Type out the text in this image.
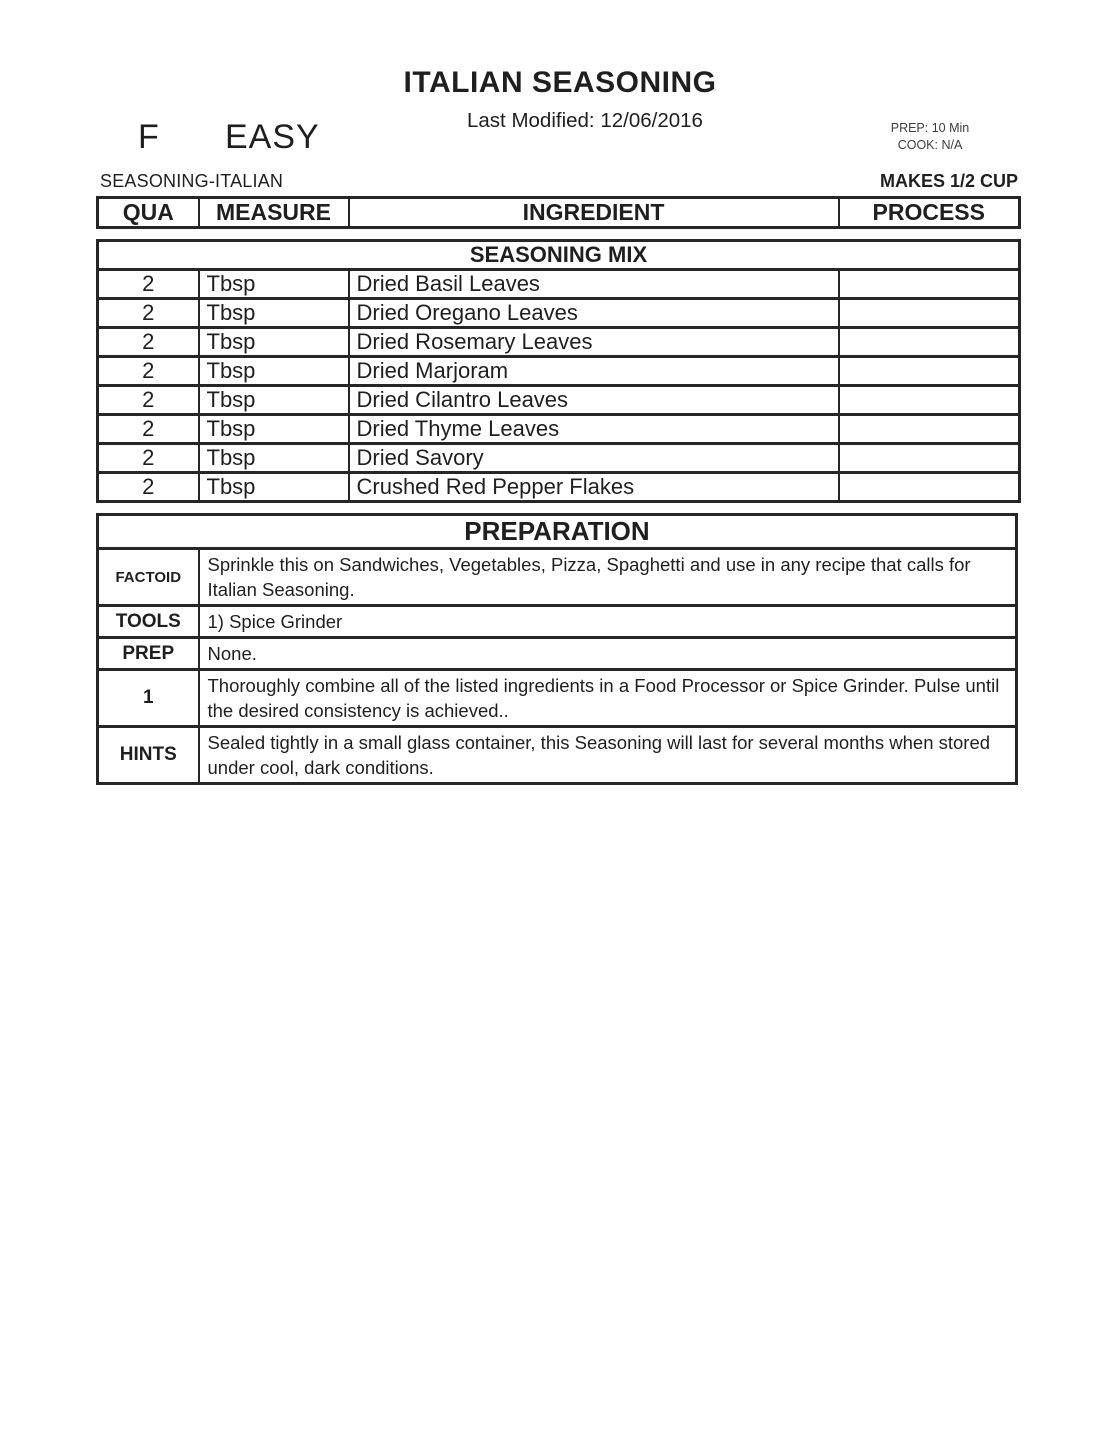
ITALIAN SEASONING
Last Modified: 12/06/2016
F EASY	PREP: 10 Min
COOK: N/A
SEASONING-ITALIAN	MAKES 1/2 CUP
QUA	MEASURE	INGREDIENT	PROCESS
SEASONING MIX			
2	Tbsp	Dried Basil Leaves	
2	Tbsp	Dried Oregano Leaves	
2	Tbsp	Dried Rosemary Leaves	
2	Tbsp	Dried Marjoram	
2	Tbsp	Dried Cilantro Leaves	
2	Tbsp	Dried Thyme Leaves	
2	Tbsp	Dried Savory	
2	Tbsp	Crushed Red Pepper Flakes	
PREPARATION	
FACTOID	Sprinkle this on Sandwiches, Vegetables, Pizza, Spaghetti and use in any recipe that calls for Italian Seasoning.
TOOLS	1) Spice Grinder
PREP	None.
1	Thoroughly combine all of the listed ingredients in a Food Processor or Spice Grinder. Pulse until the desired consistency is achieved..
HINTS	Sealed tightly in a small glass container, this Seasoning will last for several months when stored under cool, dark conditions.
